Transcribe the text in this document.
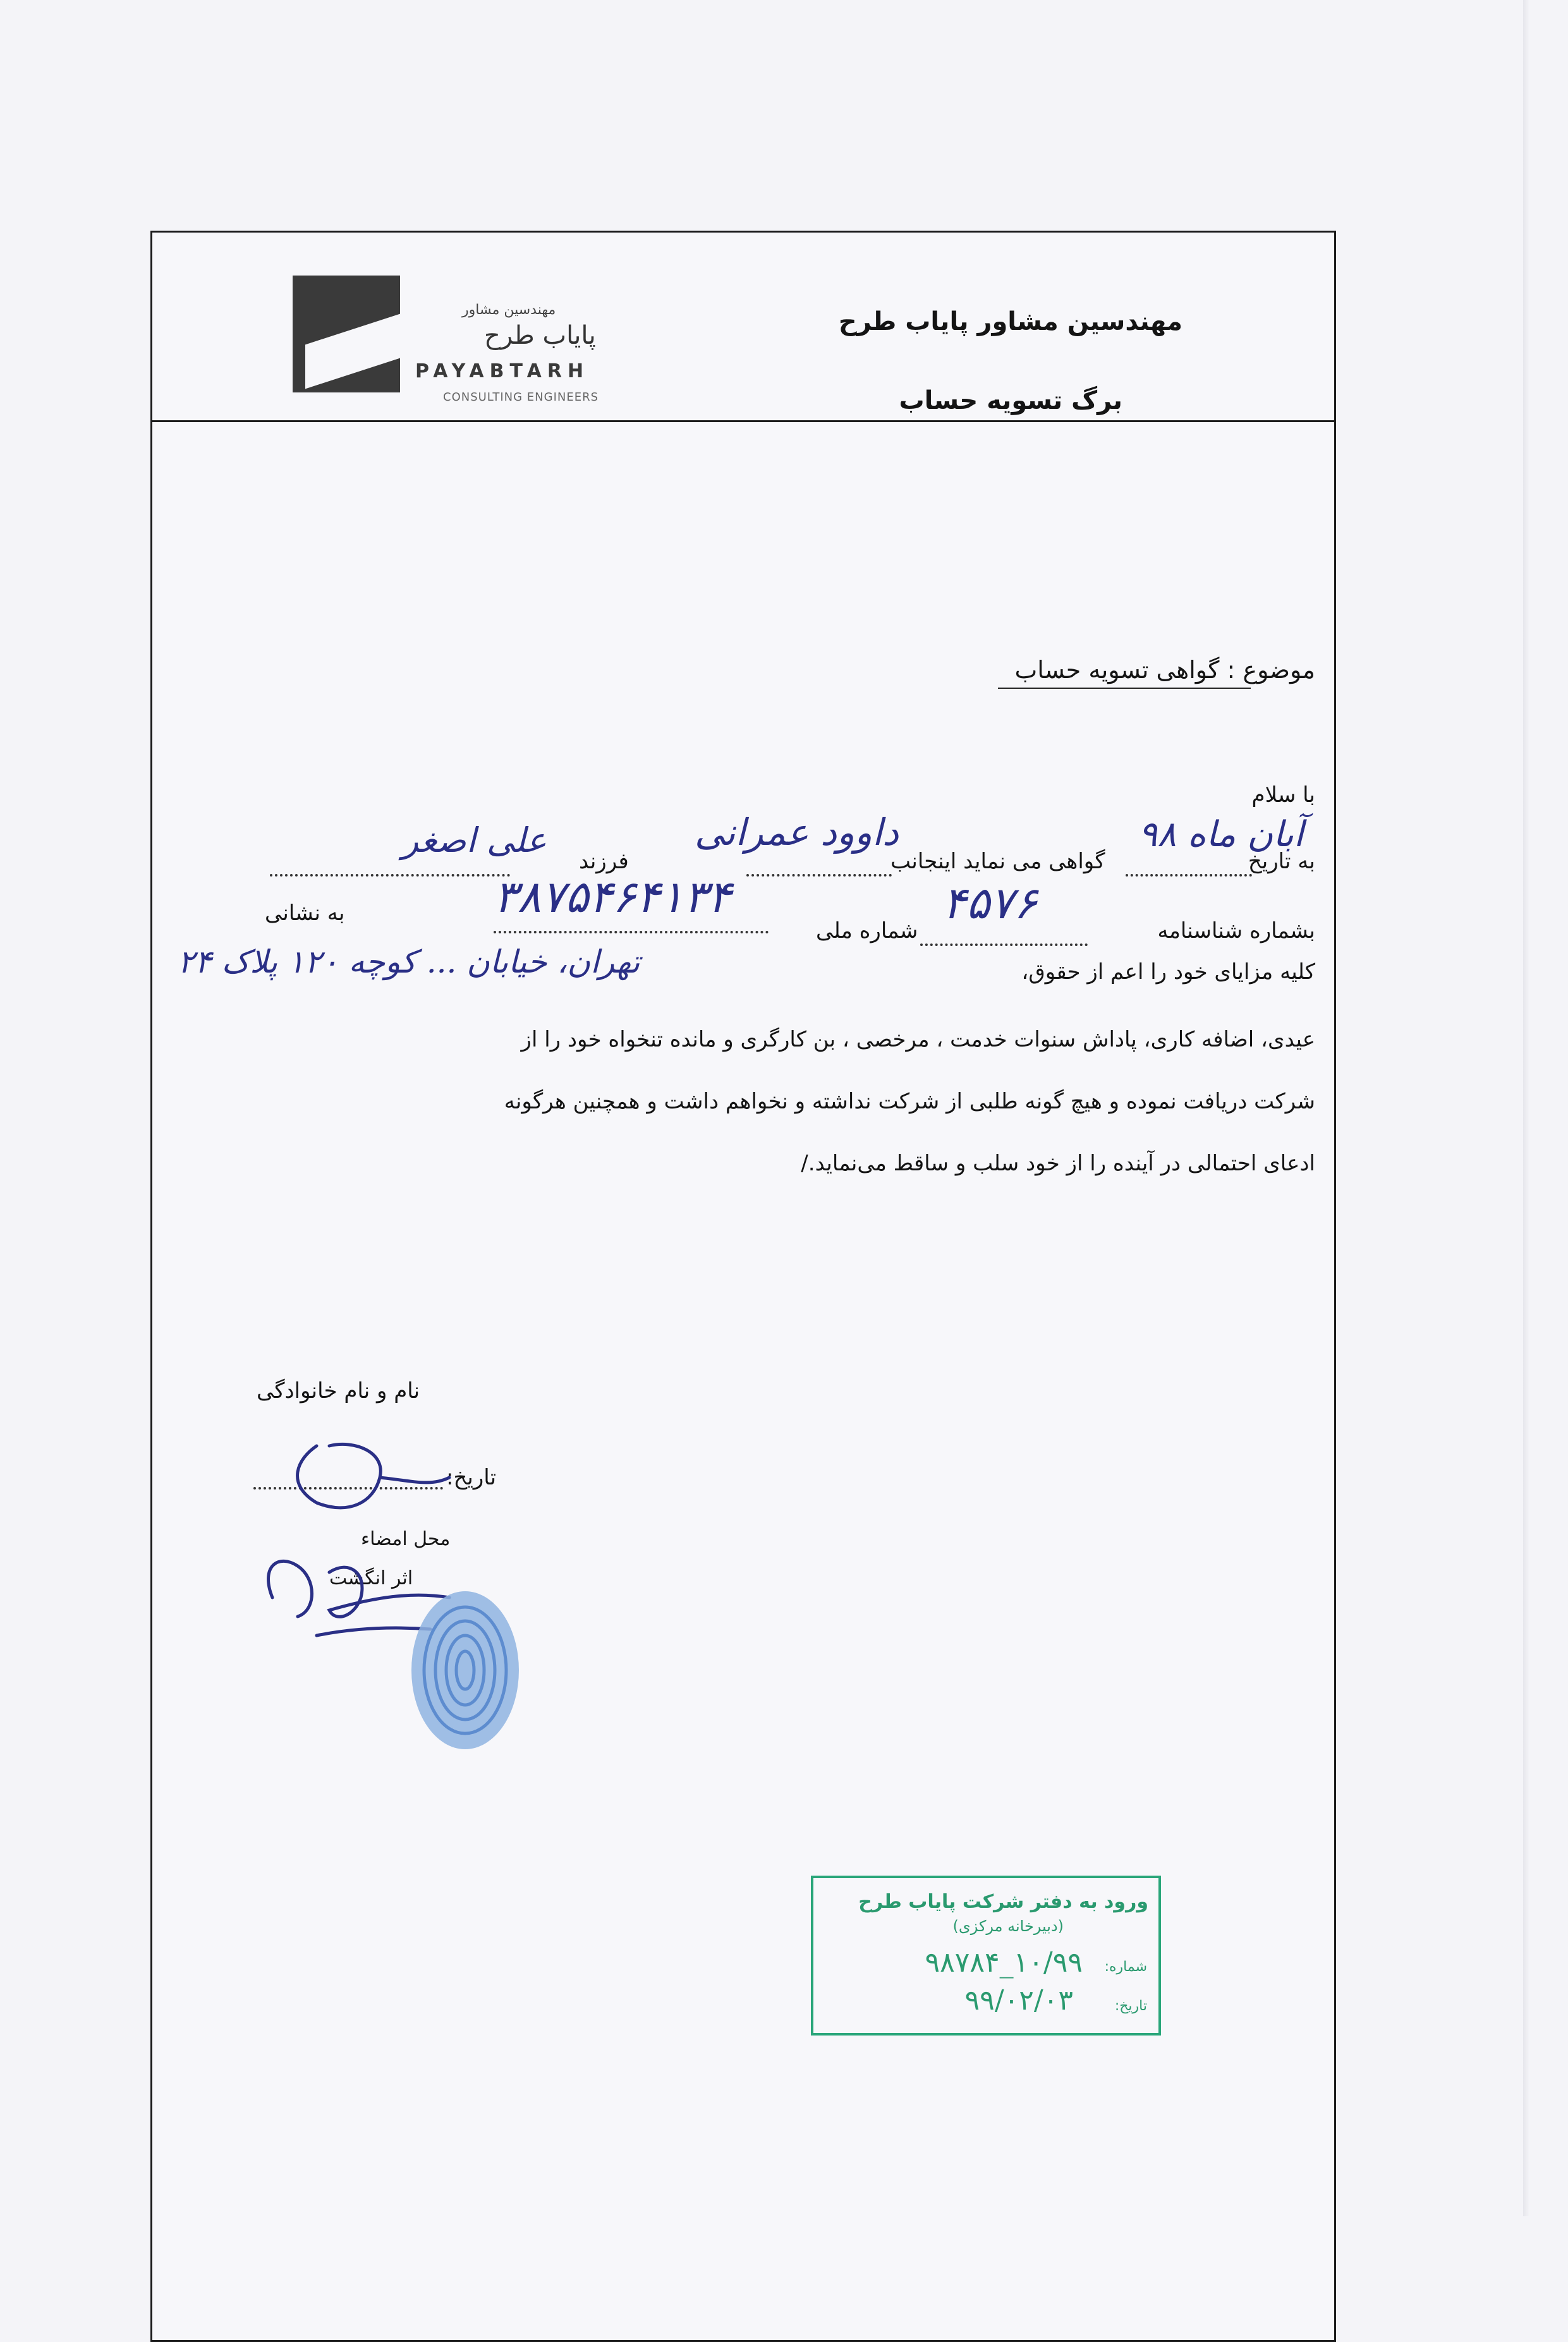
مهندسین مشاور
پایاب طرح
PAYABTARH
CONSULTING ENGINEERS
مهندسین مشاور پایاب طرح
برگ تسویه حساب
موضوع : گواهی تسویه حساب
با سلام
به تاریخ
آبان ماه ۹۸
گواهی می نماید اینجانب
داوود عمرانی
فرزند
علی اصغر
بشماره شناسنامه
۴۵۷۶
شماره ملی
۳۸۷۵۴۶۴۱۳۴
به نشانی
تهران، خیابان ... کوچه ۱۲۰ پلاک ۲۴	کلیه مزایای خود را اعم از حقوق،
عیدی، اضافه کاری، پاداش سنوات خدمت ، مرخصی ، بن کارگری و مانده تنخواه خود را از
شرکت دریافت نموده و هیچ گونه طلبی از شرکت نداشته و نخواهم داشت و همچنین هرگونه
ادعای احتمالی در آینده را از خود سلب و ساقط می‌نماید./
نام و نام خانوادگی
تاریخ:
محل امضاء
اثر انگشت
ورود به دفتر شرکت پایاب طرح
(دبیرخانه مرکزی)
شماره:
۱۰/۹۹_۹۸۷۸۴
تاریخ:
۹۹/۰۲/۰۳
